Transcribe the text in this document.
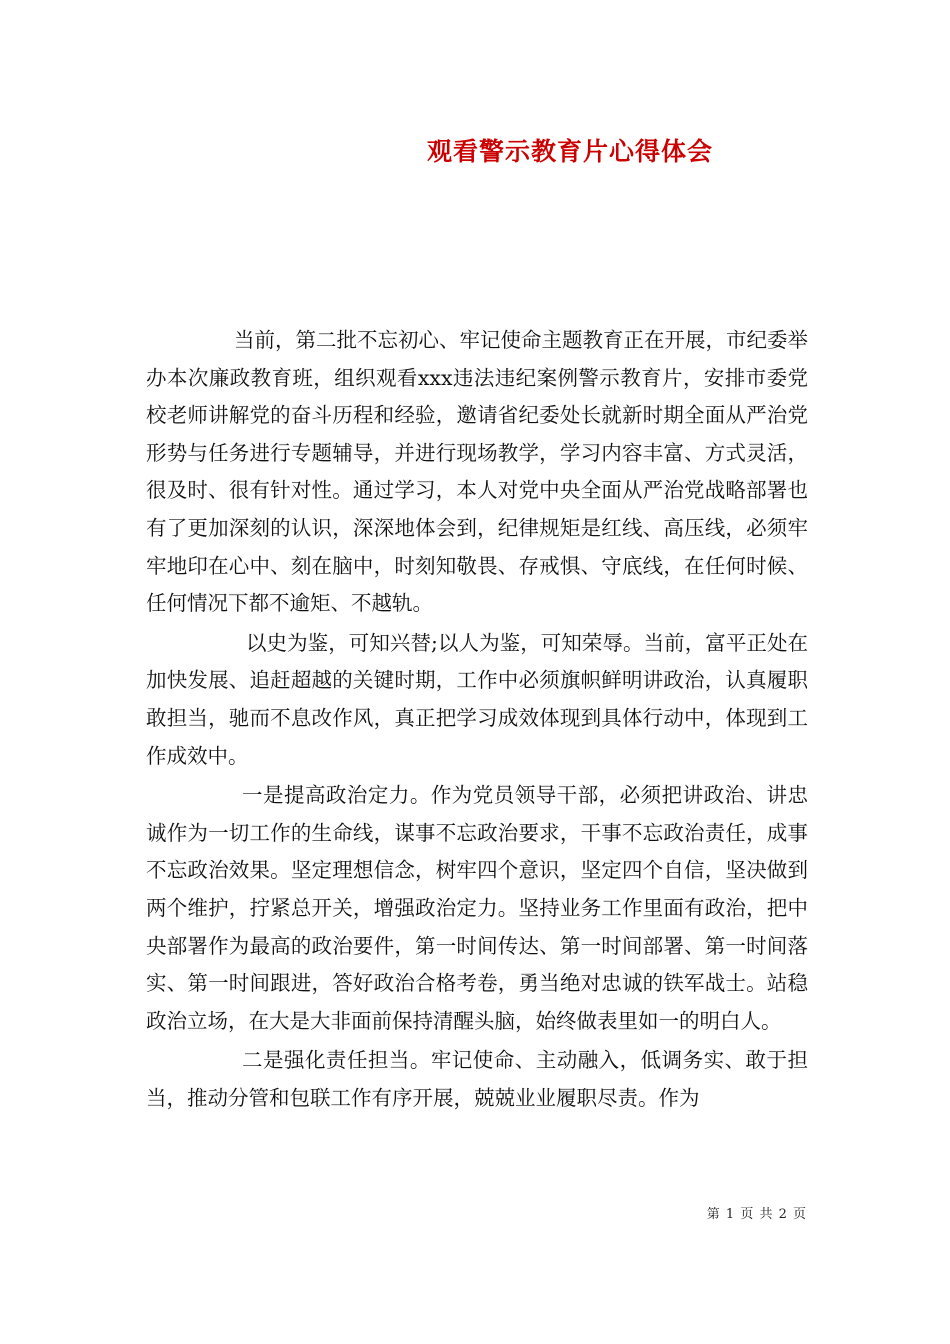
观看警示教育片心得体会

当前，第二批不忘初心、牢记使命主题教育正在开展，市纪委举办本次廉政教育班，组织观看xxx违法违纪案例警示教育片，安排市委党校老师讲解党的奋斗历程和经验，邀请省纪委处长就新时期全面从严治党形势与任务进行专题辅导，并进行现场教学，学习内容丰富、方式灵活，很及时、很有针对性。通过学习，本人对党中央全面从严治党战略部署也有了更加深刻的认识，深深地体会到，纪律规矩是红线、高压线，必须牢牢地印在心中、刻在脑中，时刻知敬畏、存戒惧、守底线，在任何时候、任何情况下都不逾矩、不越轨。

以史为鉴，可知兴替;以人为鉴，可知荣辱。当前，富平正处在加快发展、追赶超越的关键时期，工作中必须旗帜鲜明讲政治，认真履职敢担当，驰而不息改作风，真正把学习成效体现到具体行动中，体现到工作成效中。

一是提高政治定力。作为党员领导干部，必须把讲政治、讲忠诚作为一切工作的生命线，谋事不忘政治要求，干事不忘政治责任，成事不忘政治效果。坚定理想信念，树牢四个意识，坚定四个自信，坚决做到两个维护，拧紧总开关，增强政治定力。坚持业务工作里面有政治，把中央部署作为最高的政治要件，第一时间传达、第一时间部署、第一时间落实、第一时间跟进，答好政治合格考卷，勇当绝对忠诚的铁军战士。站稳政治立场，在大是大非面前保持清醒头脑，始终做表里如一的明白人。

二是强化责任担当。牢记使命、主动融入，低调务实、敢于担当，推动分管和包联工作有序开展，兢兢业业履职尽责。作为

第 1 页 共 2 页
